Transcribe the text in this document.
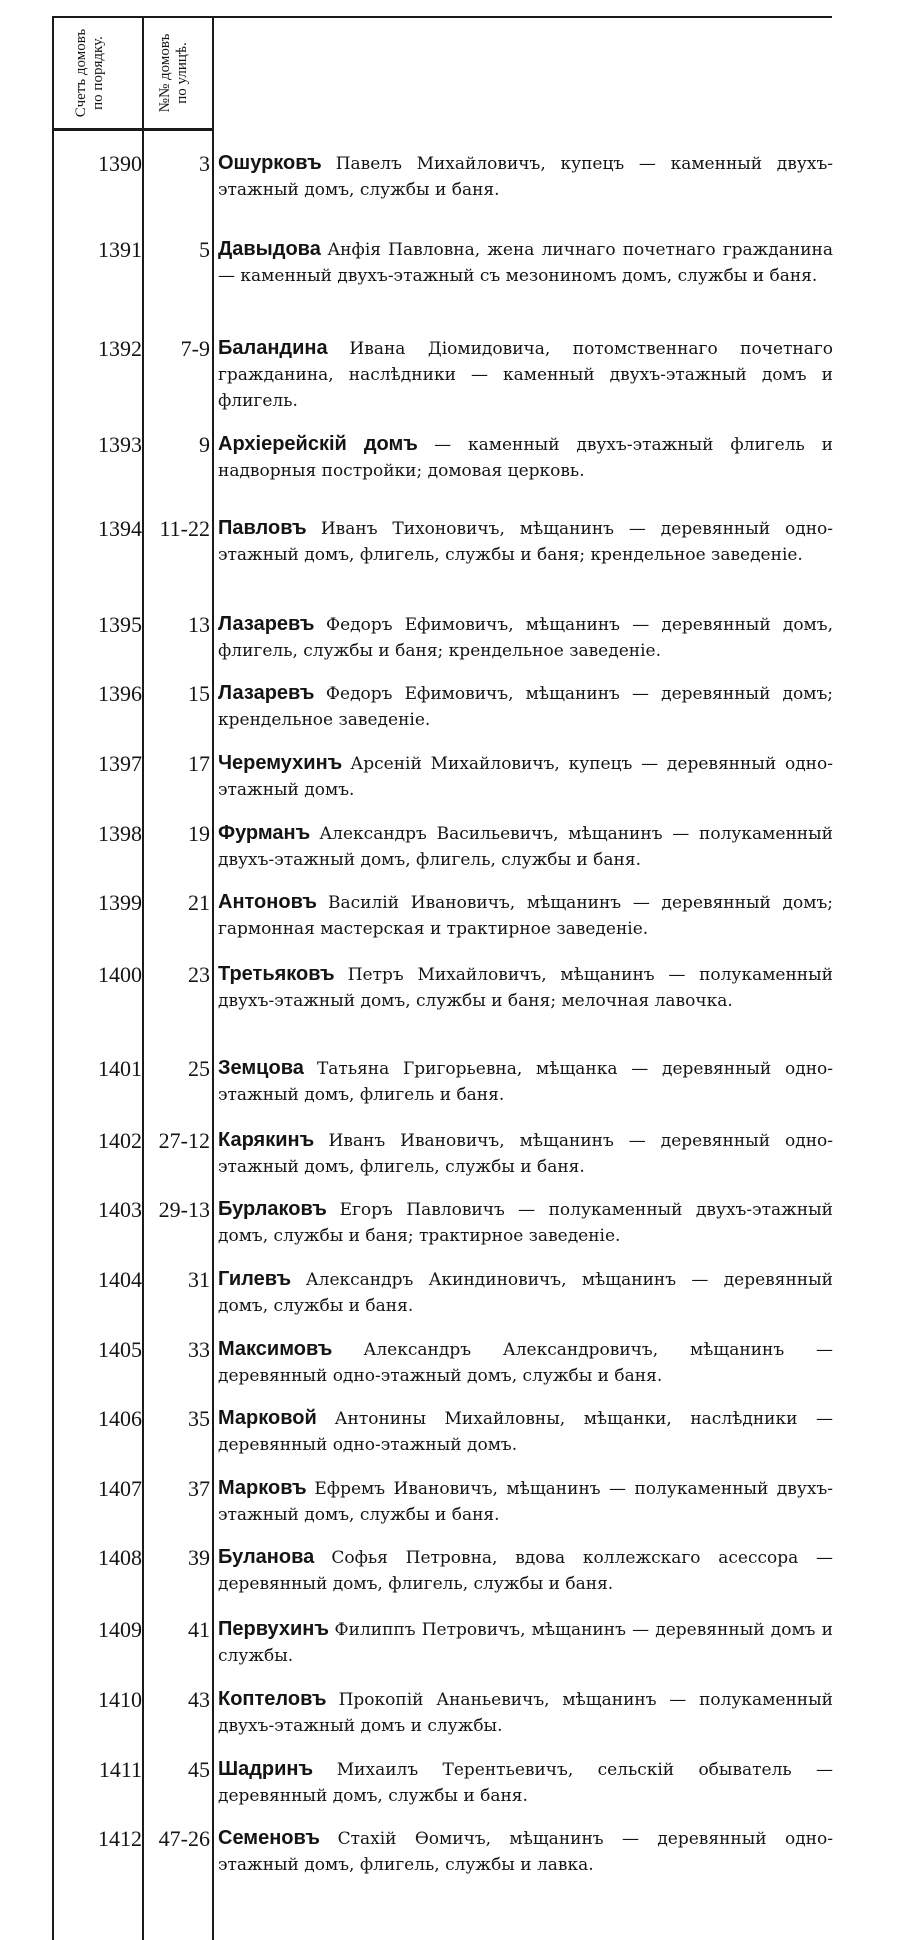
Счетъ домовъ по порядку.	№№ домовъ по улицѣ.
1390	3 Ошурковъ Павелъ Михайловичъ, купецъ — каменный двухъ-этажный домъ, службы и баня.
1391	5 Давыдова Анфія Павловна, жена личнаго почетнаго гражданина — каменный двухъ-этажный съ мезониномъ домъ, службы и баня.
1392	7-9 Баландина Ивана Діомидовича, потомственнаго почетнаго гражданина, наслѣдники — каменный двухъ-этажный домъ и флигель.
1393	9 Архіерейскій домъ — каменный двухъ-этажный флигель и надворныя постройки; домовая церковь.
1394 11-22 Павловъ Иванъ Тихоновичъ, мѣщанинъ — деревянный одно-этажный домъ, флигель, службы и баня; крендельное заведеніе.
1395	13 Лазаревъ Федоръ Ефимовичъ, мѣщанинъ — деревянный домъ, флигель, службы и баня; крендельное заведеніе.
1396	15 Лазаревъ Федоръ Ефимовичъ, мѣщанинъ — деревянный домъ; крендельное заведеніе.
1397	17 Черемухинъ Арсеній Михайловичъ, купецъ — деревянный одно-этажный домъ.
1398	19 Фурманъ Александръ Васильевичъ, мѣщанинъ — полукаменный двухъ-этажный домъ, флигель, службы и баня.
1399	21 Антоновъ Василій Ивановичъ, мѣщанинъ — деревянный домъ; гармонная мастерская и трактирное заведеніе.
1400	23 Третьяковъ Петръ Михайловичъ, мѣщанинъ — полукаменный двухъ-этажный домъ, службы и баня; мелочная лавочка.
1401	25 Земцова Татьяна Григорьевна, мѣщанка — деревянный одно-этажный домъ, флигель и баня.
1402 27-12 Карякинъ Иванъ Ивановичъ, мѣщанинъ — деревянный одно-этажный домъ, флигель, службы и баня.
1403 29-13 Бурлаковъ Егоръ Павловичъ — полукаменный двухъ-этажный домъ, службы и баня; трактирное заведеніе.
1404	31 Гилевъ Александръ Акиндиновичъ, мѣщанинъ — деревянный домъ, службы и баня.
1405	33 Максимовъ Александръ Александровичъ, мѣщанинъ — деревянный одно-этажный домъ, службы и баня.
1406	35 Марковой Антонины Михайловны, мѣщанки, наслѣдники — деревянный одно-этажный домъ.
1407	37 Марковъ Ефремъ Ивановичъ, мѣщанинъ — полукаменный двухъ-этажный домъ, службы и баня.
1408	39 Буланова Софья Петровна, вдова коллежскаго асессора — деревянный домъ, флигель, службы и баня.
1409	41 Первухинъ Филиппъ Петровичъ, мѣщанинъ — деревянный домъ и службы.
1410	43 Коптеловъ Прокопій Ананьевичъ, мѣщанинъ — полукаменный двухъ-этажный домъ и службы.
1411	45 Шадринъ Михаилъ Терентьевичъ, сельскій обыватель — деревянный домъ, службы и баня.
1412 47-26 Семеновъ Стахій Ѳомичъ, мѣщанинъ — деревянный одно-этажный домъ, флигель, службы и лавка.
